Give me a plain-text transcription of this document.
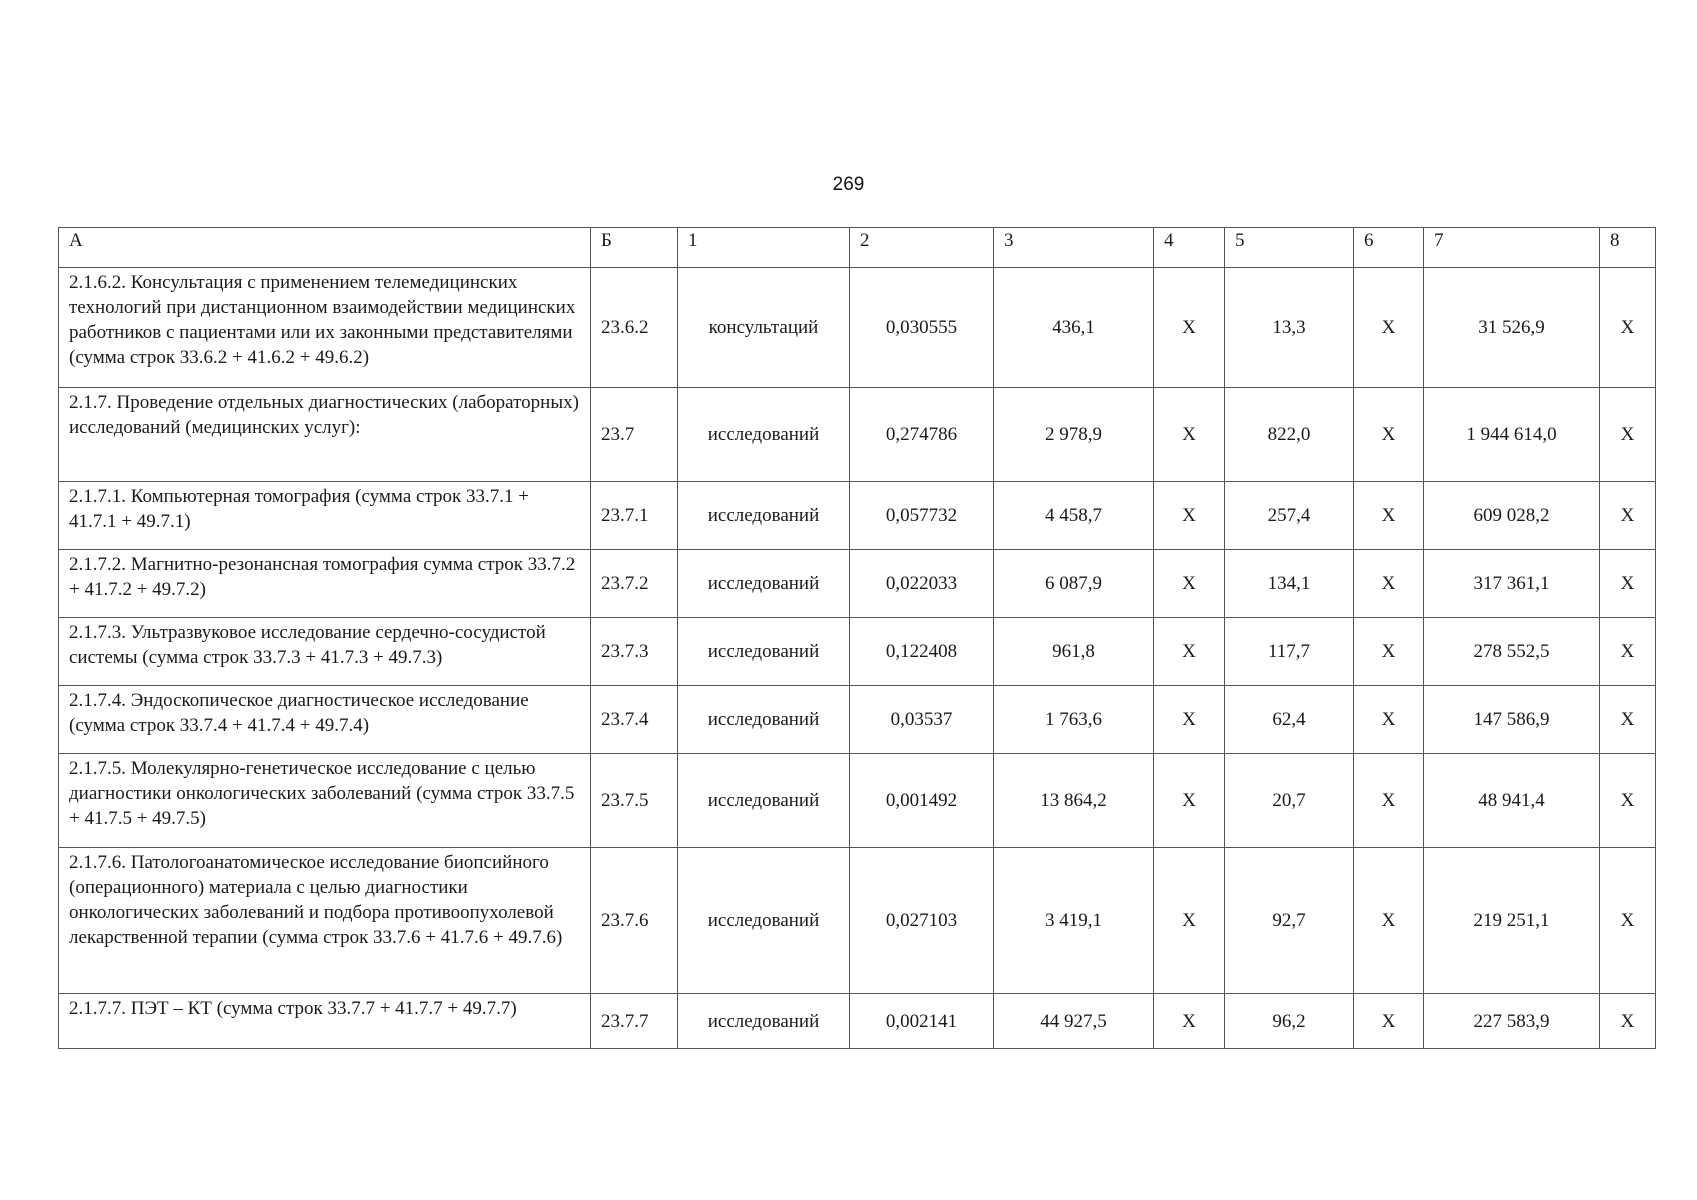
269
А	Б	1	2	3	4	5	6	7	8
2.1.6.2. Консультация с применением телемедицинских технологий при дистанционном взаимодействии медицинских работников с пациентами или их законными представителями (сумма строк 33.6.2 + 41.6.2 + 49.6.2)	23.6.2	консультаций	0,030555	436,1	Х	13,3	Х	31 526,9	Х
2.1.7. Проведение отдельных диагностических (лабораторных) исследований (медицинских услуг):	23.7	исследований	0,274786	2 978,9	Х	822,0	Х	1 944 614,0	Х
2.1.7.1. Компьютерная томография (сумма строк 33.7.1 + 41.7.1 + 49.7.1)	23.7.1	исследований	0,057732	4 458,7	Х	257,4	Х	609 028,2	Х
2.1.7.2. Магнитно-резонансная томография сумма строк 33.7.2 + 41.7.2 + 49.7.2)	23.7.2	исследований	0,022033	6 087,9	Х	134,1	Х	317 361,1	Х
2.1.7.3. Ультразвуковое исследование сердечно-сосудистой системы (сумма строк 33.7.3 + 41.7.3 + 49.7.3)	23.7.3	исследований	0,122408	961,8	Х	117,7	Х	278 552,5	Х
2.1.7.4. Эндоскопическое диагностическое исследование (сумма строк 33.7.4 + 41.7.4 + 49.7.4)	23.7.4	исследований	0,03537	1 763,6	Х	62,4	Х	147 586,9	Х
2.1.7.5. Молекулярно-генетическое исследование с целью диагностики онкологических заболеваний (сумма строк 33.7.5 + 41.7.5 + 49.7.5)	23.7.5	исследований	0,001492	13 864,2	Х	20,7	Х	48 941,4	Х
2.1.7.6. Патологоанатомическое исследование биопсийного (операционного) материала с целью диагностики онкологических заболеваний и подбора противоопухолевой лекарственной терапии (сумма строк 33.7.6 + 41.7.6 + 49.7.6)	23.7.6	исследований	0,027103	3 419,1	Х	92,7	Х	219 251,1	Х
2.1.7.7. ПЭТ – КТ (сумма строк 33.7.7 + 41.7.7 + 49.7.7)	23.7.7	исследований	0,002141	44 927,5	Х	96,2	Х	227 583,9	Х
